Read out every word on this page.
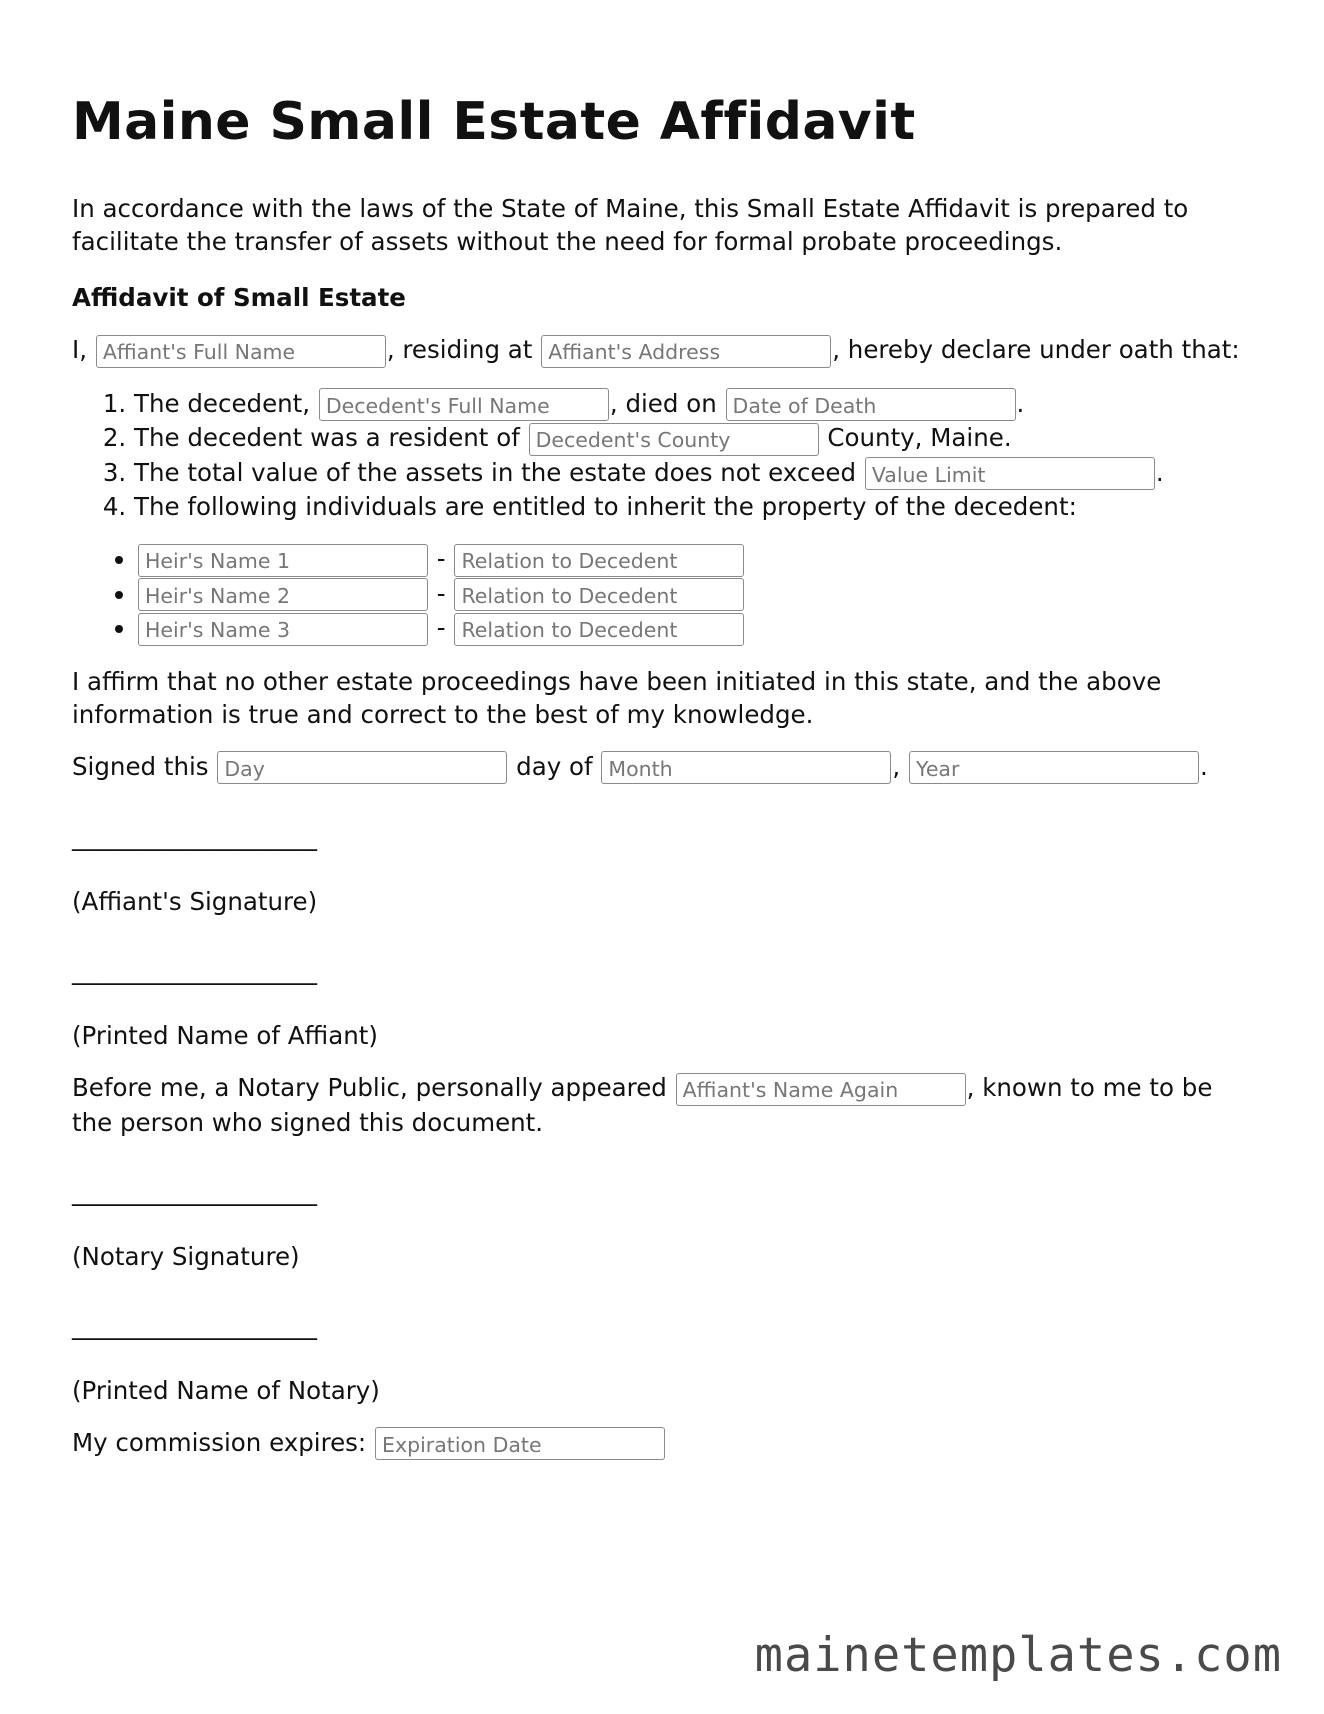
Maine Small Estate Affidavit

In accordance with the laws of the State of Maine, this Small Estate Affidavit is prepared to facilitate the transfer of assets without the need for formal probate proceedings.

Affidavit of Small Estate

I, Affiant's Full Name	, residing at Affiant's Address	, hereby declare under oath that:

1. The decedent, Decedent's Full Name	, died on Date of Death	.
2. The decedent was a resident of Decedent's County	County, Maine.
3. The total value of the assets in the estate does not exceed Value Limit	.
4. The following individuals are entitled to inherit the property of the decedent:
Heir's Name 1 • - Relation to Decedent
Heir's Name 2 • - Relation to Decedent
Heir's Name 3 • - Relation to Decedent

I affirm that no other estate proceedings have been initiated in this state, and the above information is true and correct to the best of my knowledge.

Signed this Day	day of Month	, Year	.

____________________

(Affiant's Signature)

____________________

(Printed Name of Affiant)

Before me, a Notary Public, personally appeared Affiant's Name Again	, known to me to be the person who signed this document.

____________________

(Notary Signature)

____________________

(Printed Name of Notary)

My commission expires: Expiration Date

mainetemplates.com
